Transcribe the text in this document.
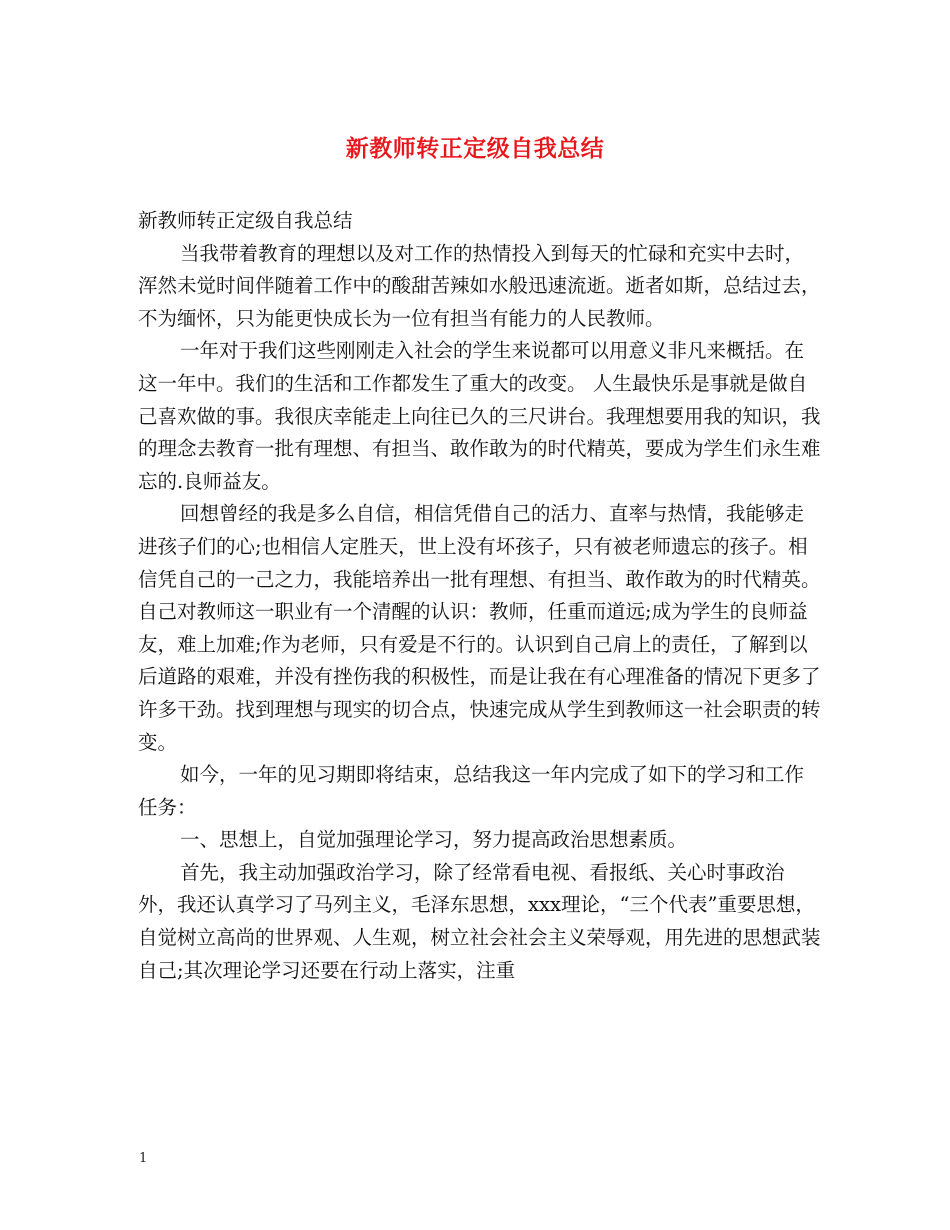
新教师转正定级自我总结

新教师转正定级自我总结

当我带着教育的理想以及对工作的热情投入到每天的忙碌和充实中去时，浑然未觉时间伴随着工作中的酸甜苦辣如水般迅速流逝。逝者如斯，总结过去，不为缅怀，只为能更快成长为一位有担当有能力的人民教师。

一年对于我们这些刚刚走入社会的学生来说都可以用意义非凡来概括。在这一年中。我们的生活和工作都发生了重大的改变。 人生最快乐是事就是做自己喜欢做的事。我很庆幸能走上向往已久的三尺讲台。我理想要用我的知识，我的理念去教育一批有理想、有担当、敢作敢为的时代精英，要成为学生们永生难忘的.良师益友。

回想曾经的我是多么自信，相信凭借自己的活力、直率与热情，我能够走进孩子们的心;也相信人定胜天，世上没有坏孩子，只有被老师遗忘的孩子。相信凭自己的一己之力，我能培养出一批有理想、有担当、敢作敢为的时代精英。自己对教师这一职业有一个清醒的认识：教师，任重而道远;成为学生的良师益友，难上加难;作为老师，只有爱是不行的。认识到自己肩上的责任，了解到以后道路的艰难，并没有挫伤我的积极性，而是让我在有心理准备的情况下更多了许多干劲。找到理想与现实的切合点，快速完成从学生到教师这一社会职责的转变。

如今，一年的见习期即将结束，总结我这一年内完成了如下的学习和工作任务：

一、思想上，自觉加强理论学习，努力提高政治思想素质。

首先，我主动加强政治学习，除了经常看电视、看报纸、关心时事政治外，我还认真学习了马列主义，毛泽东思想，xxx理论，“三个代表”重要思想，自觉树立高尚的世界观、人生观，树立社会社会主义荣辱观，用先进的思想武装自己;其次理论学习还要在行动上落实，注重

1
